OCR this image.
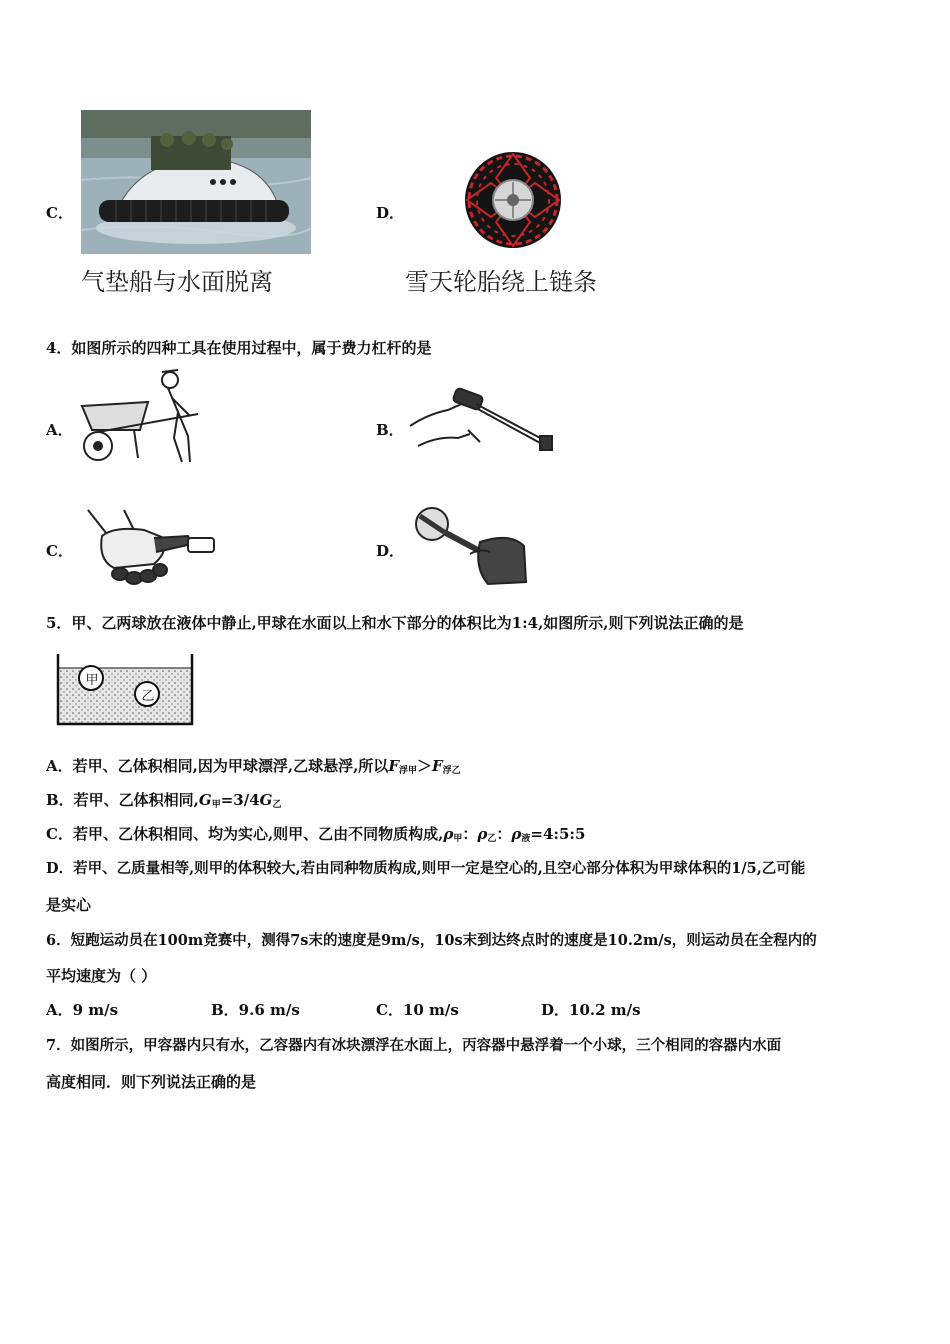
C．
气垫船与水面脱离
D．
雪天轮胎绕上链条
4．如图所示的四种工具在使用过程中，属于费力杠杆的是
A．	B．
C．	D．
5．甲、乙两球放在液体中静止,甲球在水面以上和水下部分的体积比为1:4,如图所示,则下列说法正确的是
甲
乙
A．若甲、乙体积相同,因为甲球漂浮,乙球悬浮,所以$F_{浮甲}>F_{浮乙}$
B．若甲、乙体积相同$,G_甲=3/4G_乙$
C．若甲、乙休积相同、均为实心,则甲、乙由不同物质构成$,\rho_甲$：$\rho_乙$：$\rho_液=4:5:5$
D．若甲、乙质量相等,则甲的体积较大,若由同种物质构成,则甲一定是空心的,且空心部分体积为甲球体积的1/5,乙可能
是实心
6．短跑运动员在100m竞赛中，测得7s末的速度是9m/s，10s末到达终点时的速度是10.2m/s，则运动员在全程内的
平均速度为（ ）
A．9 m/s	B．9.6 m/s	C．10 m/s	D．10.2 m/s
7．如图所示，甲容器内只有水，乙容器内有冰块漂浮在水面上，丙容器中悬浮着一个小球，三个相同的容器内水面
高度相同．则下列说法正确的是
